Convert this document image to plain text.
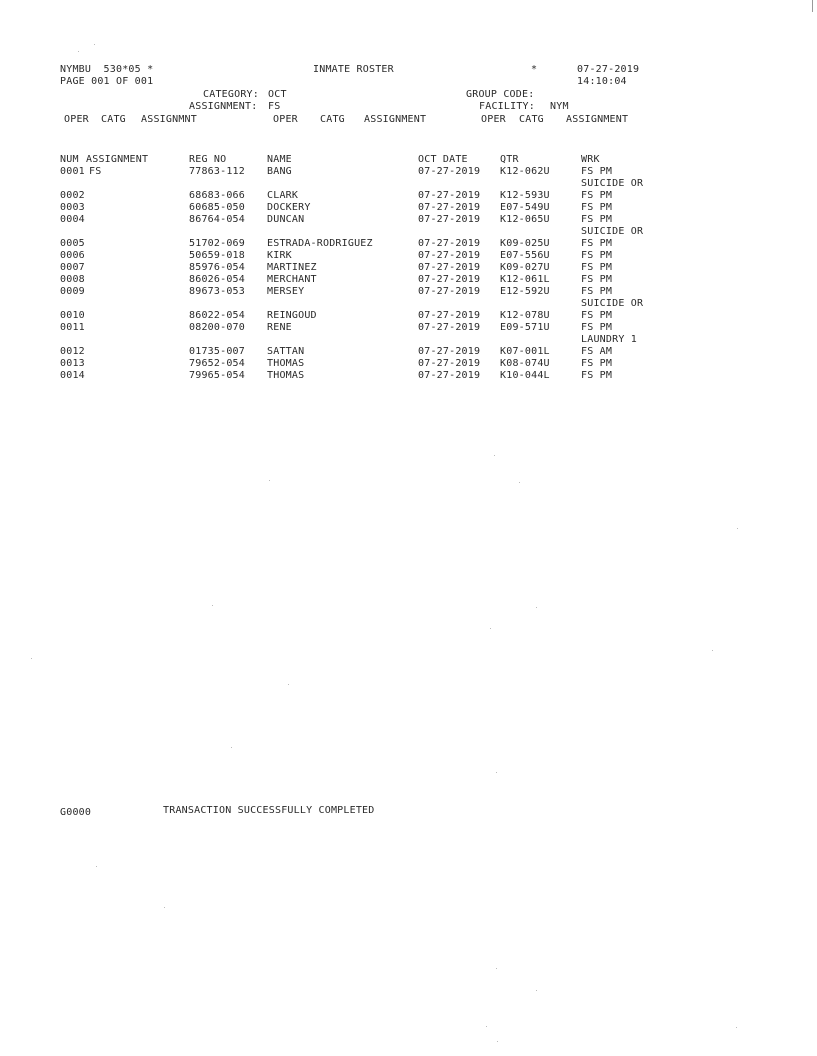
NYMBU  530*05 *	INMATE ROSTER	*	07-27-2019
PAGE 001 OF 001	14:10:04
CATEGORY: OCT	GROUP CODE:
ASSIGNMENT: FS	FACILITY: NYM
OPER CATG ASSIGNMNT	OPER CATG ASSIGNMENT	OPER CATG ASSIGNMENT
NUM ASSIGNMENT	REG NO	NAME	OCT DATE	QTR	WRK
0001 FS	77863-112 BANG	07-27-2019 K12-062U	FS PM
SUICIDE OR
0002	68683-066 CLARK	07-27-2019 K12-593U	FS PM
0003	60685-050 DOCKERY	07-27-2019 E07-549U	FS PM
0004	86764-054 DUNCAN	07-27-2019 K12-065U	FS PM
SUICIDE OR
0005	51702-069 ESTRADA-RODRIGUEZ	07-27-2019 K09-025U	FS PM
0006	50659-018 KIRK	07-27-2019 E07-556U	FS PM
0007	85976-054 MARTINEZ	07-27-2019 K09-027U	FS PM
0008	86026-054 MERCHANT	07-27-2019 K12-061L	FS PM
0009	89673-053 MERSEY	07-27-2019 E12-592U	FS PM
SUICIDE OR
0010	86022-054 REINGOUD	07-27-2019 K12-078U	FS PM
0011	08200-070 RENE	07-27-2019 E09-571U	FS PM
LAUNDRY 1
0012	01735-007 SATTAN	07-27-2019 K07-001L	FS AM
0013	79652-054 THOMAS	07-27-2019 K08-074U	FS PM
0014	79965-054 THOMAS	07-27-2019 K10-044L	FS PM
G0000	TRANSACTION SUCCESSFULLY COMPLETED
